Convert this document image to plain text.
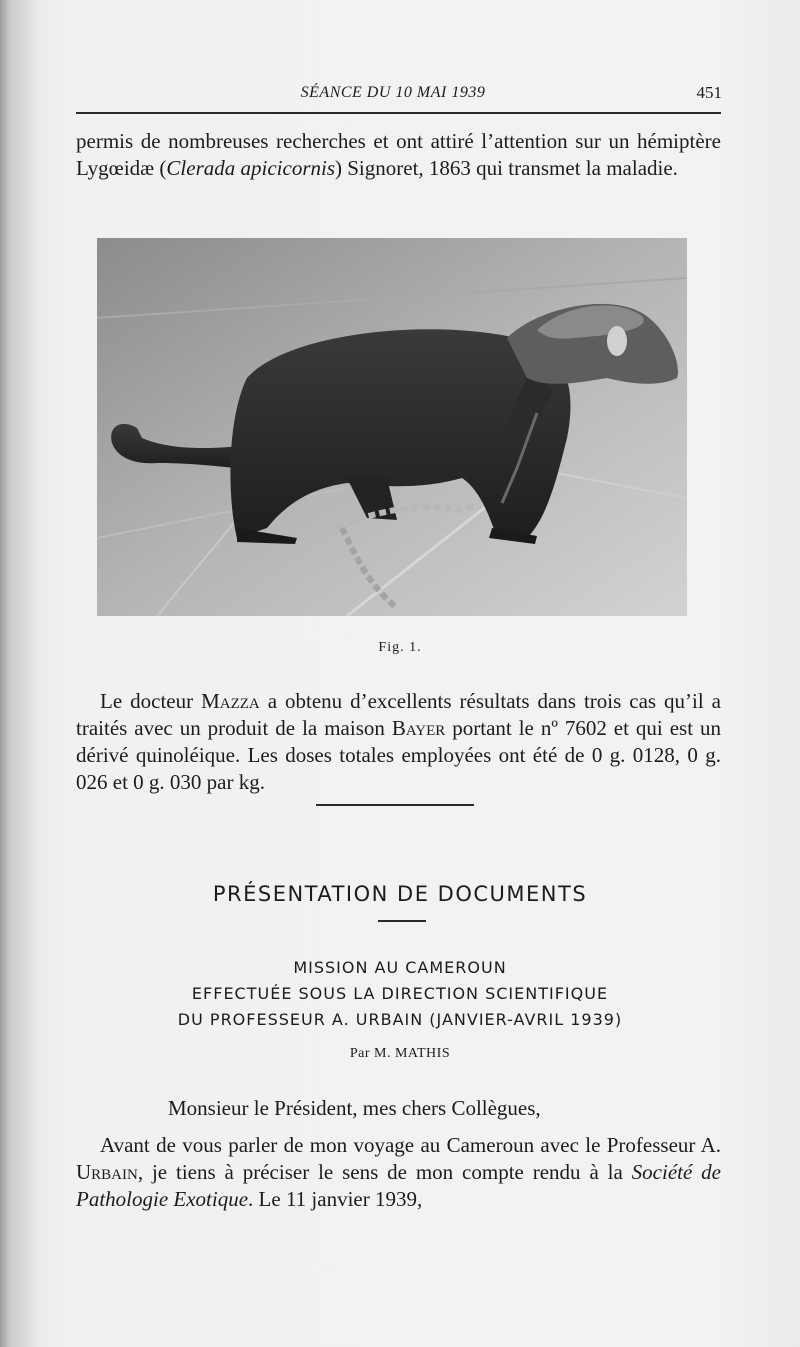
SÉANCE DU 10 MAI 1939	451
permis de nombreuses recherches et ont attiré l’attention sur un hémiptère Lygœidæ (Clerada apicicornis) Signoret, 1863 qui transmet la maladie.
Fig. 1.
Le docteur Mazza a obtenu d’excellents résultats dans trois cas qu’il a traités avec un produit de la maison Bayer portant le nº 7602 et qui est un dérivé quinoléique. Les doses totales employées ont été de 0 g. 0128, 0 g. 026 et 0 g. 030 par kg.
PRÉSENTATION DE DOCUMENTS
MISSION AU CAMEROUN
EFFECTUÉE SOUS LA DIRECTION SCIENTIFIQUE
DU PROFESSEUR A. URBAIN (JANVIER-AVRIL 1939)
Par M. MATHIS
Monsieur le Président, mes chers Collègues,
Avant de vous parler de mon voyage au Cameroun avec le Professeur A. Urbain, je tiens à préciser le sens de mon compte rendu à la Société de Pathologie Exotique. Le 11 janvier 1939,
